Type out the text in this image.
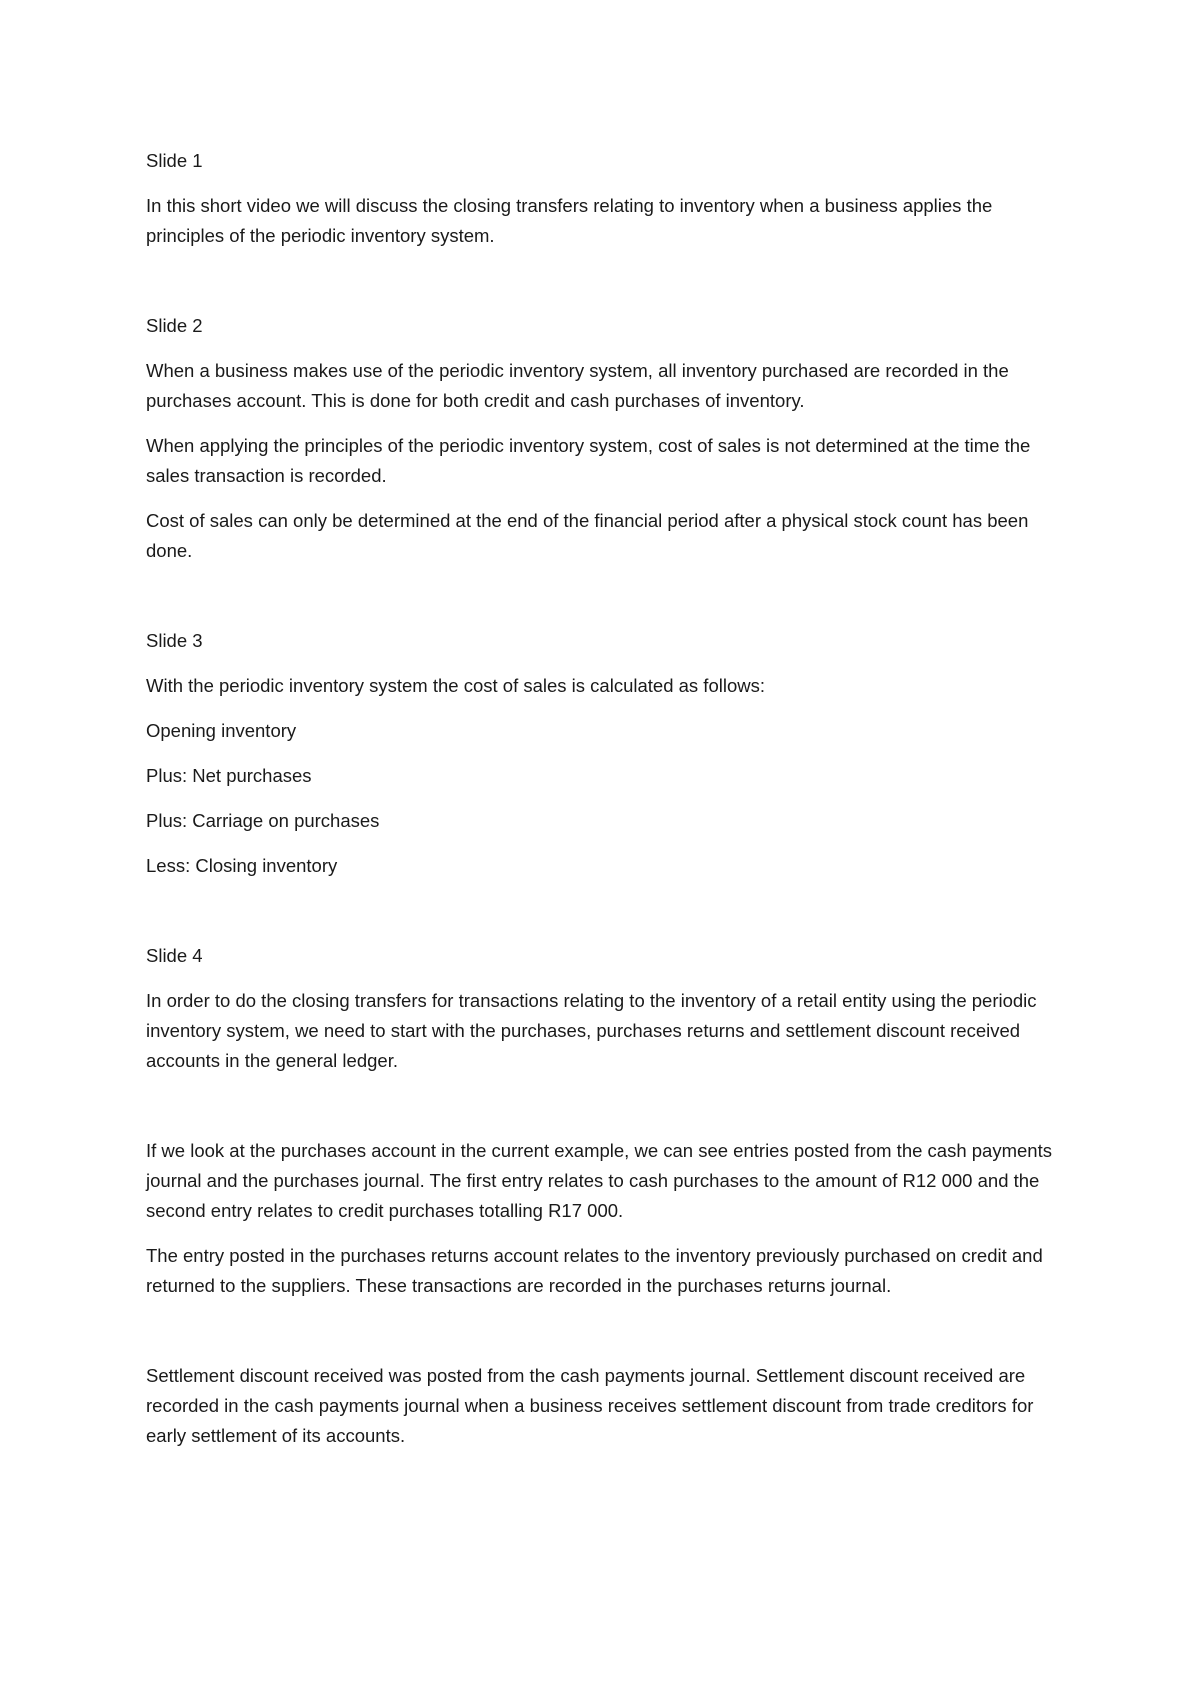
Slide 1

In this short video we will discuss the closing transfers relating to inventory when a business applies the principles of the periodic inventory system.

Slide 2

When a business makes use of the periodic inventory system, all inventory purchased are recorded in the purchases account. This is done for both credit and cash purchases of inventory.

When applying the principles of the periodic inventory system, cost of sales is not determined at the time the sales transaction is recorded.

Cost of sales can only be determined at the end of the financial period after a physical stock count has been done.

Slide 3

With the periodic inventory system the cost of sales is calculated as follows:

Opening inventory

Plus: Net purchases

Plus: Carriage on purchases

Less: Closing inventory

Slide 4

In order to do the closing transfers for transactions relating to the inventory of a retail entity using the periodic inventory system, we need to start with the purchases, purchases returns and settlement discount received accounts in the general ledger.

If we look at the purchases account in the current example, we can see entries posted from the cash payments journal and the purchases journal. The first entry relates to cash purchases to the amount of R12 000 and the second entry relates to credit purchases totalling R17 000.

The entry posted in the purchases returns account relates to the inventory previously purchased on credit and returned to the suppliers. These transactions are recorded in the purchases returns journal.

Settlement discount received was posted from the cash payments journal. Settlement discount received are recorded in the cash payments journal when a business receives settlement discount from trade creditors for early settlement of its accounts.
